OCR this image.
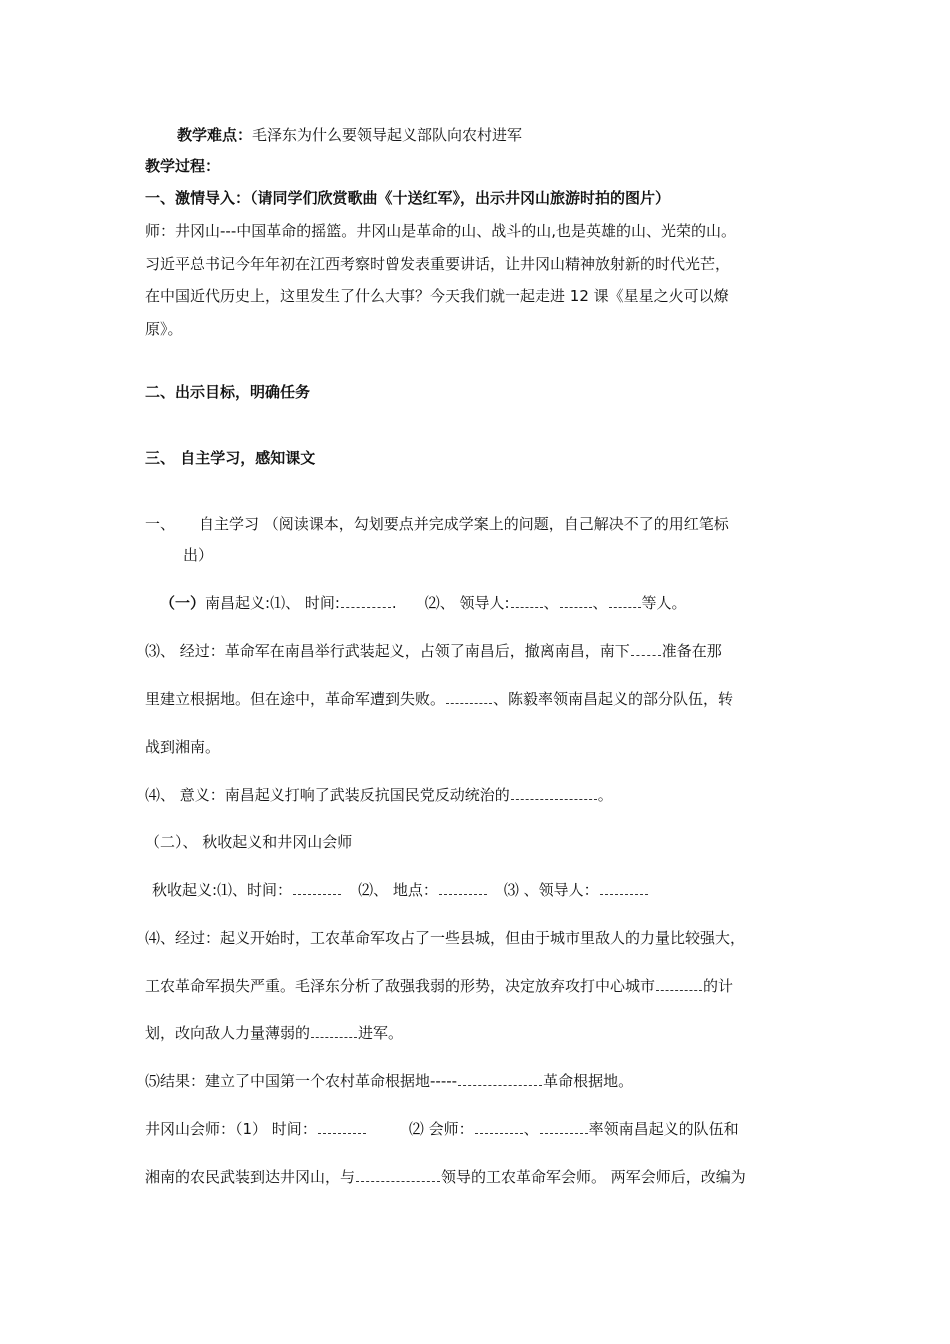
教学难点：毛泽东为什么要领导起义部队向农村进军
教学过程：
一、激情导入：（请同学们欣赏歌曲《十送红军》，出示井冈山旅游时拍的图片）
师：井冈山---中国革命的摇篮。井冈山是革命的山、战斗的山,也是英雄的山、光荣的山。
习近平总书记今年年初在江西考察时曾发表重要讲话，让井冈山精神放射新的时代光芒，
在中国近代历史上，这里发生了什么大事？今天我们就一起走进 12 课《星星之火可以燎
原》。
二、出示目标，明确任务
三、 自主学习，感知课文
一、 自主学习 （阅读课本，勾划要点并完成学案上的问题，自己解决不了的用红笔标
出）
（一）南昌起义:⑴、 时间:	. ⑵、 领导人: 、 、 等人。
⑶、 经过：革命军在南昌举行武装起义，占领了南昌后，撤离南昌，南下 准备在那
里建立根据地。但在途中，革命军遭到失败。	、陈毅率领南昌起义的部分队伍，转
战到湘南。
⑷、 意义：南昌起义打响了武装反抗国民党反动统治的	。
（二）、 秋收起义和井冈山会师
秋收起义:⑴、时间：	⑵、 地点：	⑶ 、领导人：
⑷、经过：起义开始时，工农革命军攻占了一些县城，但由于城市里敌人的力量比较强大，
工农革命军损失严重。毛泽东分析了敌强我弱的形势，决定放弃攻打中心城市	的计
划，改向敌人力量薄弱的	进军。
⑸结果：建立了中国第一个农村革命根据地-----	革命根据地。
井冈山会师：（1） 时间：	⑵ 会师：	、	率领南昌起义的队伍和
湘南的农民武装到达井冈山，与	领导的工农革命军会师。 两军会师后，改编为
